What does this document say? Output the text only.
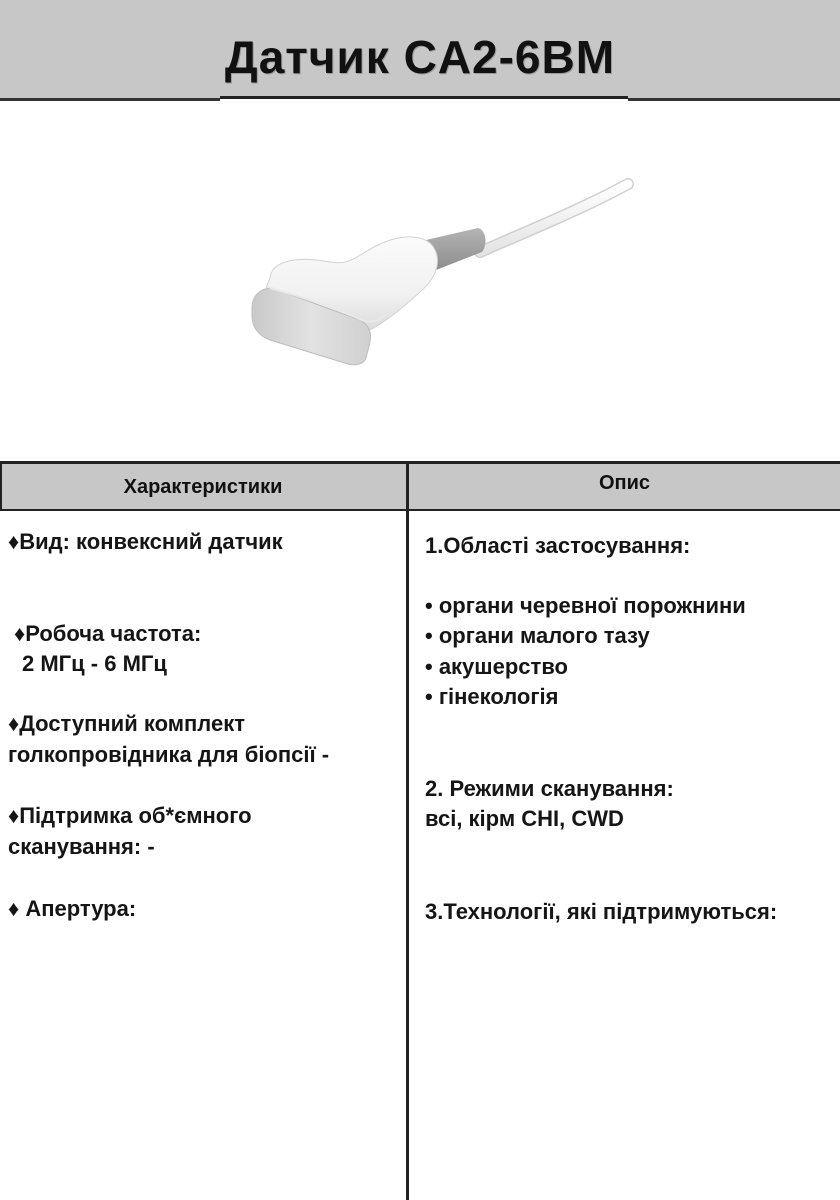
Датчик CA2-6BM
Характеристики	Опис
♦Вид: конвексний датчик
♦Робоча частота:
2 МГц - 6 МГц
♦Доступний комплект
голкопровідника для біопсії -
♦Підтримка об*ємного
сканування: -
♦ Апертура:
1.Області застосування:
• органи черевної порожнини
• органи малого тазу
• акушерство
• гінекологія
2. Режими сканування:
всі, кірм CHI, CWD
3.Технології, які підтримуються:
